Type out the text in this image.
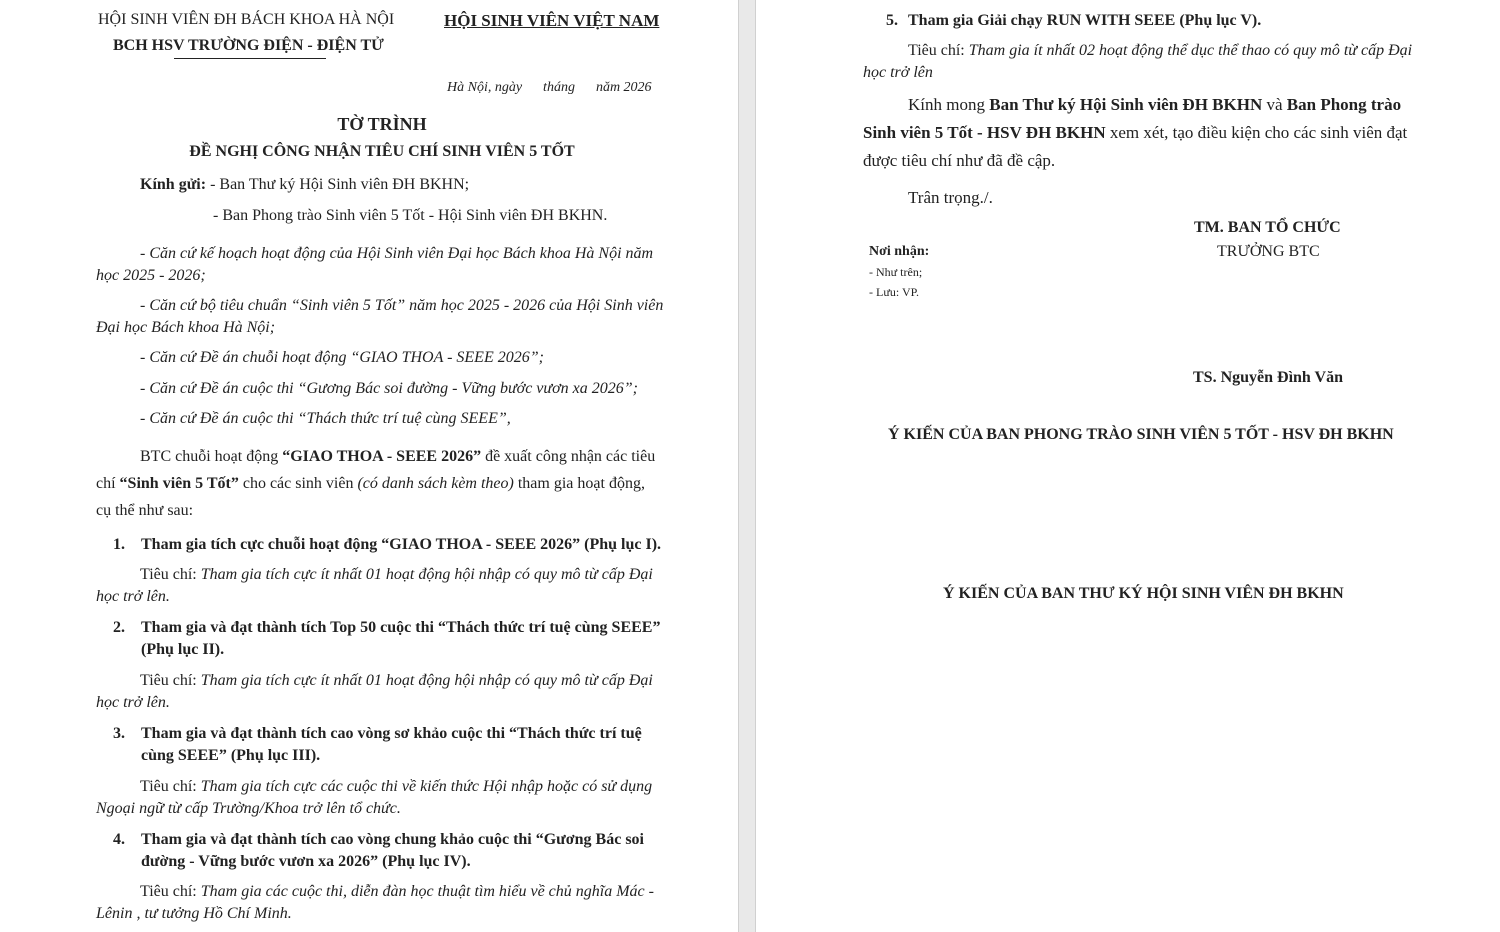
HỘI SINH VIÊN ĐH BÁCH KHOA HÀ NỘI
BCH HSV TRƯỜNG ĐIỆN - ĐIỆN TỬ
HỘI SINH VIÊN VIỆT NAM
Hà Nội, ngày      tháng      năm 2026
TỜ TRÌNH
ĐỀ NGHỊ CÔNG NHẬN TIÊU CHÍ SINH VIÊN 5 TỐT
Kính gửi: - Ban Thư ký Hội Sinh viên ĐH BKHN;
- Ban Phong trào Sinh viên 5 Tốt - Hội Sinh viên ĐH BKHN.
- Căn cứ kế hoạch hoạt động của Hội Sinh viên Đại học Bách khoa Hà Nội năm
học 2025 - 2026;
- Căn cứ bộ tiêu chuẩn “Sinh viên 5 Tốt” năm học 2025 - 2026 của Hội Sinh viên
Đại học Bách khoa Hà Nội;
- Căn cứ Đề án chuỗi hoạt động “GIAO THOA - SEEE 2026”;
- Căn cứ Đề án cuộc thi “Gương Bác soi đường - Vững bước vươn xa 2026”;
- Căn cứ Đề án cuộc thi “Thách thức trí tuệ cùng SEEE”,
BTC chuỗi hoạt động “GIAO THOA - SEEE 2026” đề xuất công nhận các tiêu
chí “Sinh viên 5 Tốt” cho các sinh viên (có danh sách kèm theo) tham gia hoạt động,
cụ thể như sau:
1. Tham gia tích cực chuỗi hoạt động “GIAO THOA - SEEE 2026” (Phụ lục I).
Tiêu chí: Tham gia tích cực ít nhất 01 hoạt động hội nhập có quy mô từ cấp Đại
học trở lên.
2. Tham gia và đạt thành tích Top 50 cuộc thi “Thách thức trí tuệ cùng SEEE”
(Phụ lục II).
Tiêu chí: Tham gia tích cực ít nhất 01 hoạt động hội nhập có quy mô từ cấp Đại
học trở lên.
3. Tham gia và đạt thành tích cao vòng sơ khảo cuộc thi “Thách thức trí tuệ
cùng SEEE” (Phụ lục III).
Tiêu chí: Tham gia tích cực các cuộc thi về kiến thức Hội nhập hoặc có sử dụng
Ngoại ngữ từ cấp Trường/Khoa trở lên tổ chức.
4. Tham gia và đạt thành tích cao vòng chung khảo cuộc thi “Gương Bác soi
đường - Vững bước vươn xa 2026” (Phụ lục IV).
Tiêu chí: Tham gia các cuộc thi, diễn đàn học thuật tìm hiểu về chủ nghĩa Mác -
Lênin , tư tưởng Hồ Chí Minh.
5. Tham gia Giải chạy RUN WITH SEEE (Phụ lục V).
Tiêu chí: Tham gia ít nhất 02 hoạt động thể dục thể thao có quy mô từ cấp Đại
học trở lên
Kính mong Ban Thư ký Hội Sinh viên ĐH BKHN và Ban Phong trào
Sinh viên 5 Tốt - HSV ĐH BKHN xem xét, tạo điều kiện cho các sinh viên đạt
được tiêu chí như đã đề cập.
Trân trọng./.
TM. BAN TỔ CHỨC
TRƯỞNG BTC
Nơi nhận:
- Như trên;
- Lưu: VP.
TS. Nguyễn Đình Văn
Ý KIẾN CỦA BAN PHONG TRÀO SINH VIÊN 5 TỐT - HSV ĐH BKHN
Ý KIẾN CỦA BAN THƯ KÝ HỘI SINH VIÊN ĐH BKHN
